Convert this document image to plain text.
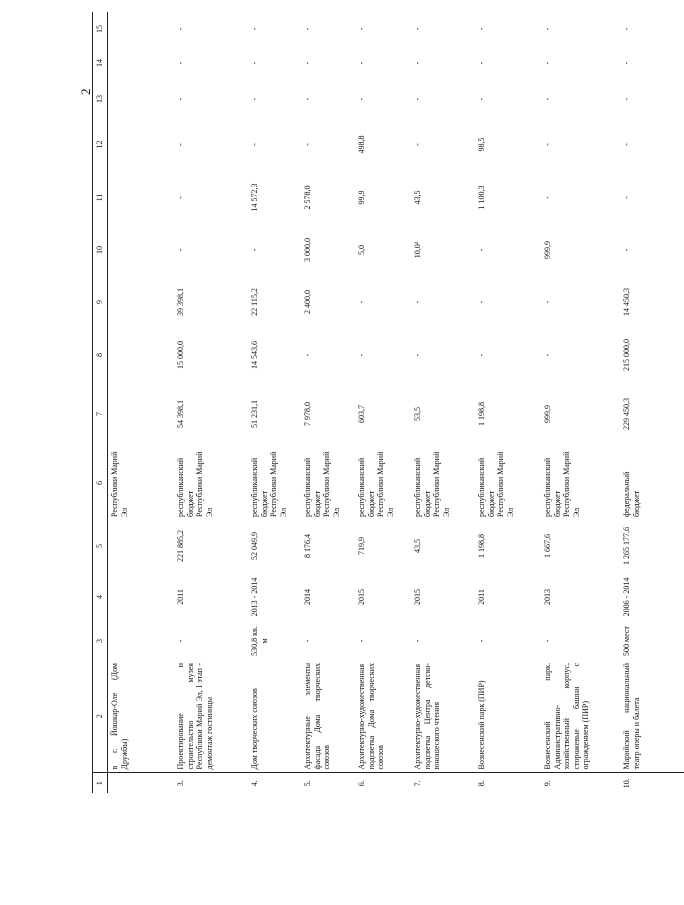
2
1	2	3	4	5	6	7	8	9	10	11	12	13	14	15
	в г. Йошкар-Оле (Дом Дружбы)				Республики Марий Эл									
3.	Проектирование и строительство музея Республики Марий Эл, I этап - демонтаж гостиницы	-	2011	221 885,2	республиканский бюджет Республики Марий Эл	54 398,1	15 000,0	39 398,1	-	-	-	-	-	-
4.	Дом творческих союзов	530,8 кв. м	2013 - 2014	52 049,9	республиканский бюджет Республики Марий Эл	51 231,1	14 543,6	22 115,2	-	14 572,3	-	-	-	-
5.	Архитектурные элементы фасада Дома творческих союзов	-	2014	8 176,4	республиканский бюджет Республики Марий Эл	7 978,0	-	2 400,0	3 000,0	2 578,0	-	-	-	-
6.	Архитектурно-художественная подсветка Дома творческих союзов	-	2015	719,9	республиканский бюджет Республики Марий Эл	603,7	-	-	5,0	99,9	498,8	-	-	-
7.	Архитектурно-художественная подсветка Центра детско-юношеского чтения	-	2015	43,5	республиканский бюджет Республики Марий Эл	53,5	-	-	10,0²	43,5	-	-	-	-
8.	Вознесенский парк (ПИР)	-	2011	1 198,8	республиканский бюджет Республики Марий Эл	1 198,8	-	-	-	1 100,3	98,5	-	-	-
9.	Вознесенский парк. Административно-хозяйственный корпус, сторожевые башни с ограждением (ПИР)	-	2013	1 667,6	республиканский бюджет Республики Марий Эл	999,9	-	-	999,9	-	-	-	-	-
10.	Марийский национальный театр оперы и балета	500 мест	2006 - 2014	1 265 177,6	федеральный бюджет	229 450,3	215 000,0	14 450,3	-	-	-	-	-	-
